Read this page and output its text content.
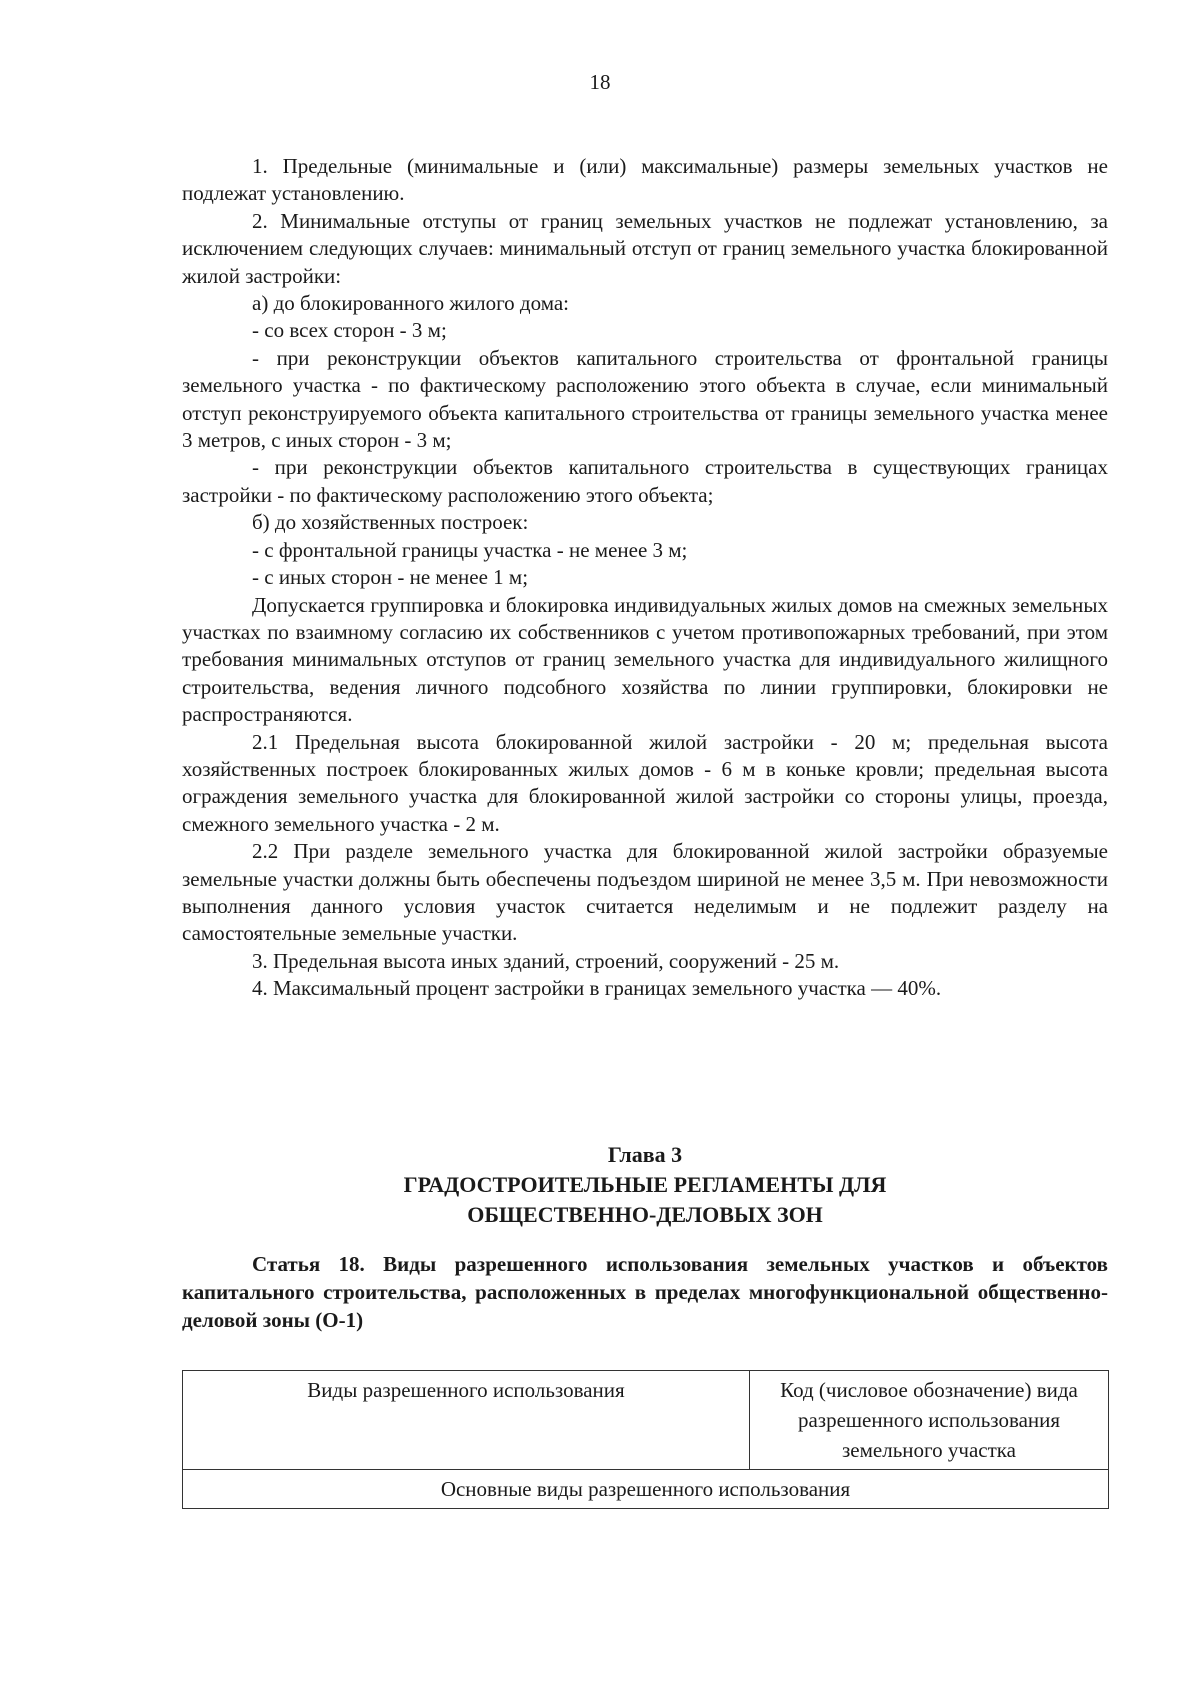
18

1. Предельные (минимальные и (или) максимальные) размеры земельных участков не подлежат установлению.

2. Минимальные отступы от границ земельных участков не подлежат установлению, за исключением следующих случаев: минимальный отступ от границ земельного участка блокированной жилой застройки:

а) до блокированного жилого дома:

- со всех сторон - 3 м;

- при реконструкции объектов капитального строительства от фронтальной границы земельного участка - по фактическому расположению этого объекта в случае, если минимальный отступ реконструируемого объекта капитального строительства от границы земельного участка менее 3 метров, с иных сторон - 3 м;

- при реконструкции объектов капитального строительства в существующих границах застройки - по фактическому расположению этого объекта;

б) до хозяйственных построек:

- с фронтальной границы участка - не менее 3 м;

- с иных сторон - не менее 1 м;

Допускается группировка и блокировка индивидуальных жилых домов на смежных земельных участках по взаимному согласию их собственников с учетом противопожарных требований, при этом требования минимальных отступов от границ земельного участка для индивидуального жилищного строительства, ведения личного подсобного хозяйства по линии группировки, блокировки не распространяются.

2.1 Предельная высота блокированной жилой застройки - 20 м; предельная высота хозяйственных построек блокированных жилых домов - 6 м в коньке кровли; предельная высота ограждения земельного участка для блокированной жилой застройки со стороны улицы, проезда, смежного земельного участка - 2 м.

2.2 При разделе земельного участка для блокированной жилой застройки образуемые земельные участки должны быть обеспечены подъездом шириной не менее 3,5 м. При невозможности выполнения данного условия участок считается неделимым и не подлежит разделу на самостоятельные земельные участки.

3. Предельная высота иных зданий, строений, сооружений - 25 м.

4. Максимальный процент застройки в границах земельного участка — 40%.

Глава 3
ГРАДОСТРОИТЕЛЬНЫЕ РЕГЛАМЕНТЫ ДЛЯ
ОБЩЕСТВЕННО-ДЕЛОВЫХ ЗОН

Статья 18. Виды разрешенного использования земельных участков и объектов капитального строительства, расположенных в пределах многофункциональной общественно-деловой зоны (О-1)

Виды разрешенного использования	Код (числовое обозначение) вида разрешенного использования земельного участка
Основные виды разрешенного использования
